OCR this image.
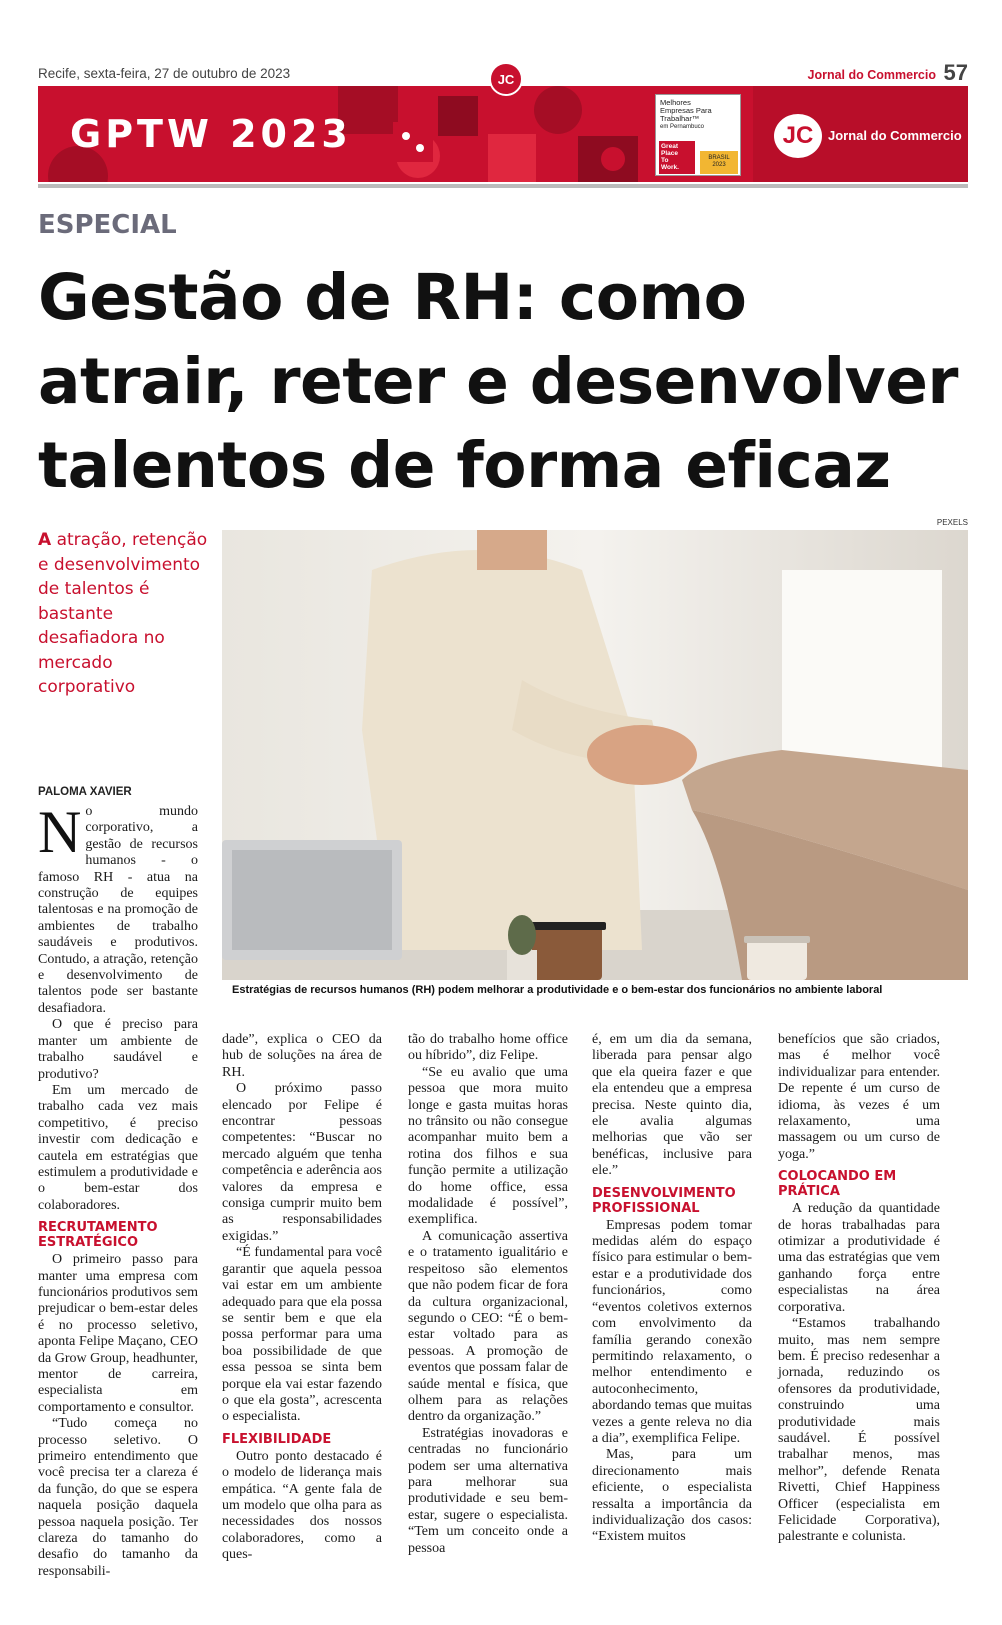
Recife, sexta-feira, 27 de outubro de 2023	JC	Jornal do Commercio 57
GPTW 2023
Melhores
Empresas Para
Trabalhar™
em Pernambuco
Great
Place
To
Work.
BRASIL
2023
JC	Jornal do Commercio
ESPECIAL
Gestão de RH: como
atrair, reter e desenvolver
talentos de forma eficaz
A atração, retenção e desenvolvimento de talentos é bastante desafiadora no mercado corporativo
PALOMA XAVIER
PEXELS
Estratégias de recursos humanos (RH) podem melhorar a produtividade e o bem-estar dos funcionários no ambiente laboral

No mundo corporativo, a gestão de recursos humanos - o famoso RH - atua na construção de equipes talentosas e na promoção de ambientes de trabalho saudáveis e produtivos. Contudo, a atração, retenção e desenvolvimento de talentos pode ser bastante desafiadora.

O que é preciso para manter um ambiente de trabalho saudável e produtivo?

Em um mercado de trabalho cada vez mais competitivo, é preciso investir com dedicação e cautela em estratégias que estimulem a produtividade e o bem-estar dos colaboradores.

RECRUTAMENTO ESTRATÉGICO

O primeiro passo para manter uma empresa com funcionários produtivos sem prejudicar o bem-estar deles é no processo seletivo, aponta Felipe Maçano, CEO da Grow Group, headhunter, mentor de carreira, especialista em comportamento e consultor.

“Tudo começa no processo seletivo. O primeiro entendimento que você precisa ter a clareza é da função, do que se espera naquela posição daquela pessoa naquela posição. Ter clareza do tamanho do desafio do tamanho da responsabili-

dade”, explica o CEO da hub de soluções na área de RH.

O próximo passo elencado por Felipe é encontrar pessoas competentes: “Buscar no mercado alguém que tenha competência e aderência aos valores da empresa e consiga cumprir muito bem as responsabilidades exigidas.”

“É fundamental para você garantir que aquela pessoa vai estar em um ambiente adequado para que ela possa se sentir bem e que ela possa performar para uma boa possibilidade de que essa pessoa se sinta bem porque ela vai estar fazendo o que ela gosta”, acrescenta o especialista.

FLEXIBILIDADE

Outro ponto destacado é o modelo de liderança mais empática. “A gente fala de um modelo que olha para as necessidades dos nossos colaboradores, como a ques-

tão do trabalho home office ou híbrido”, diz Felipe.

“Se eu avalio que uma pessoa que mora muito longe e gasta muitas horas no trânsito ou não consegue acompanhar muito bem a rotina dos filhos e sua função permite a utilização do home office, essa modalidade é possível”, exemplifica.

A comunicação assertiva e o tratamento igualitário e respeitoso são elementos que não podem ficar de fora da cultura organizacional, segundo o CEO: “É o bem-estar voltado para as pessoas. A promoção de eventos que possam falar de saúde mental e física, que olhem para as relações dentro da organização.”

Estratégias inovadoras e centradas no funcionário podem ser uma alternativa para melhorar sua produtividade e seu bem-estar, sugere o especialista. “Tem um conceito onde a pessoa

é, em um dia da semana, liberada para pensar algo que ela queira fazer e que ela entendeu que a empresa precisa. Neste quinto dia, ele avalia algumas melhorias que vão ser benéficas, inclusive para ele.”

DESENVOLVIMENTO PROFISSIONAL

Empresas podem tomar medidas além do espaço físico para estimular o bem-estar e a produtividade dos funcionários, como “eventos coletivos externos com envolvimento da família gerando conexão permitindo relaxamento, o melhor entendimento e autoconhecimento, abordando temas que muitas vezes a gente releva no dia a dia”, exemplifica Felipe.

Mas, para um direcionamento mais eficiente, o especialista ressalta a importância da individualização dos casos: “Existem muitos

benefícios que são criados, mas é melhor você individualizar para entender. De repente é um curso de idioma, às vezes é um relaxamento, uma massagem ou um curso de yoga.”

COLOCANDO EM PRÁTICA

A redução da quantidade de horas trabalhadas para otimizar a produtividade é uma das estratégias que vem ganhando força entre especialistas na área corporativa.

“Estamos trabalhando muito, mas nem sempre bem. É preciso redesenhar a jornada, reduzindo os ofensores da produtividade, construindo uma produtividade mais saudável. É possível trabalhar menos, mas melhor”, defende Renata Rivetti, Chief Happiness Officer (especialista em Felicidade Corporativa), palestrante e colunista.
